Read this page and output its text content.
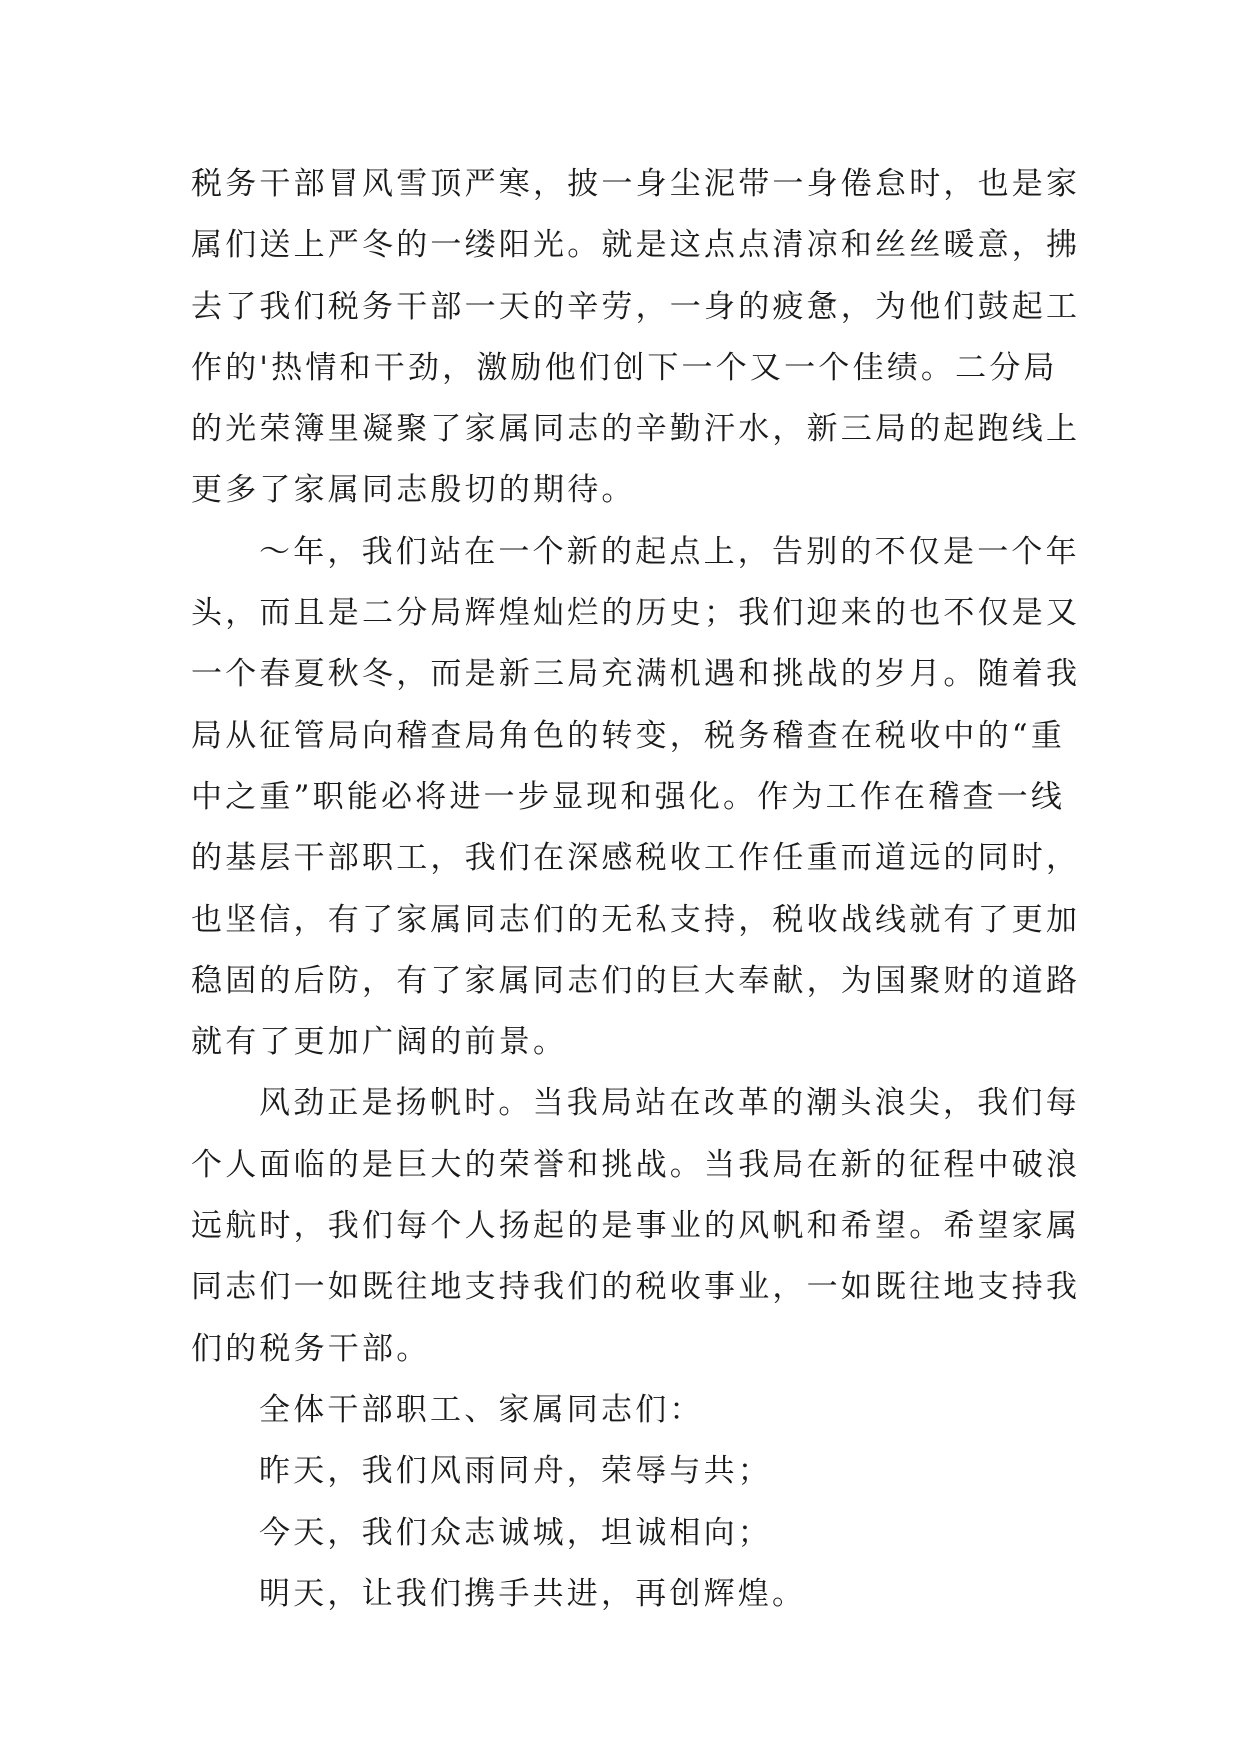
税务干部冒风雪顶严寒，披一身尘泥带一身倦怠时，也是家
属们送上严冬的一缕阳光。就是这点点清凉和丝丝暖意，拂
去了我们税务干部一天的辛劳，一身的疲惫，为他们鼓起工
作的'热情和干劲，激励他们创下一个又一个佳绩。二分局
的光荣簿里凝聚了家属同志的辛勤汗水，新三局的起跑线上
更多了家属同志殷切的期待。
～年，我们站在一个新的起点上，告别的不仅是一个年
头，而且是二分局辉煌灿烂的历史；我们迎来的也不仅是又
一个春夏秋冬，而是新三局充满机遇和挑战的岁月。随着我
局从征管局向稽查局角色的转变，税务稽查在税收中的“重
中之重”职能必将进一步显现和强化。作为工作在稽查一线
的基层干部职工，我们在深感税收工作任重而道远的同时，
也坚信，有了家属同志们的无私支持，税收战线就有了更加
稳固的后防，有了家属同志们的巨大奉献，为国聚财的道路
就有了更加广阔的前景。
风劲正是扬帆时。当我局站在改革的潮头浪尖，我们每
个人面临的是巨大的荣誉和挑战。当我局在新的征程中破浪
远航时，我们每个人扬起的是事业的风帆和希望。希望家属
同志们一如既往地支持我们的税收事业，一如既往地支持我
们的税务干部。
全体干部职工、家属同志们：
昨天，我们风雨同舟，荣辱与共；
今天，我们众志诚城，坦诚相向；
明天，让我们携手共进，再创辉煌。
